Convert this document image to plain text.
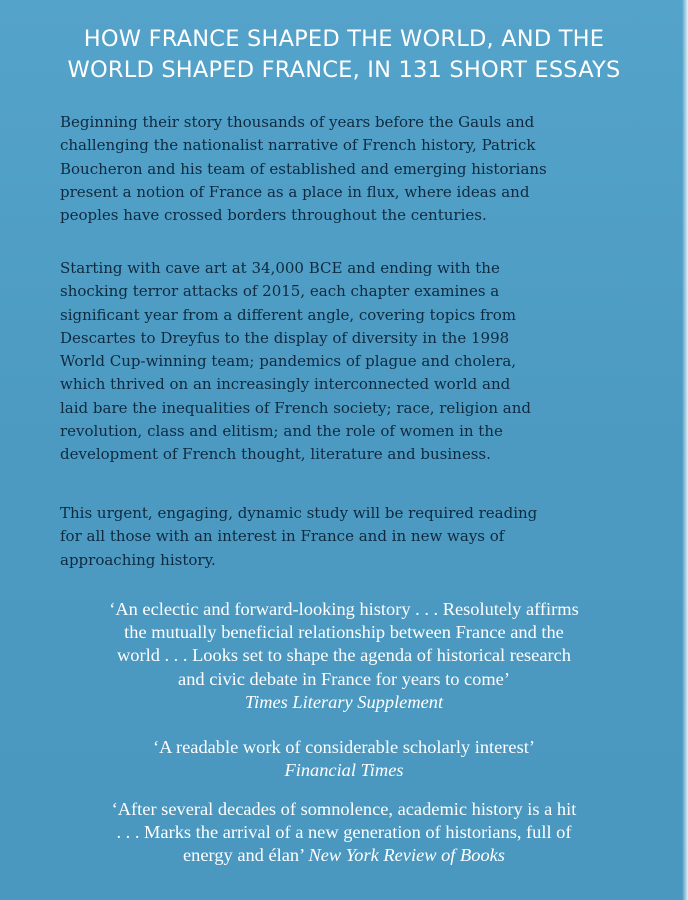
HOW FRANCE SHAPED THE WORLD, AND THE
WORLD SHAPED FRANCE, IN 131 SHORT ESSAYS
Beginning their story thousands of years before the Gauls and
challenging the nationalist narrative of French history, Patrick
Boucheron and his team of established and emerging historians
present a notion of France as a place in flux, where ideas and
peoples have crossed borders throughout the centuries.
Starting with cave art at 34,000 BCE and ending with the
shocking terror attacks of 2015, each chapter examines a
significant year from a different angle, covering topics from
Descartes to Dreyfus to the display of diversity in the 1998
World Cup-winning team; pandemics of plague and cholera,
which thrived on an increasingly interconnected world and
laid bare the inequalities of French society; race, religion and
revolution, class and elitism; and the role of women in the
development of French thought, literature and business.
This urgent, engaging, dynamic study will be required reading
for all those with an interest in France and in new ways of
approaching history.
‘An eclectic and forward-looking history . . . Resolutely affirms
the mutually beneficial relationship between France and the
world . . . Looks set to shape the agenda of historical research
and civic debate in France for years to come’
Times Literary Supplement
‘A readable work of considerable scholarly interest’
Financial Times
‘After several decades of somnolence, academic history is a hit
. . . Marks the arrival of a new generation of historians, full of
energy and élan’ New York Review of Books
